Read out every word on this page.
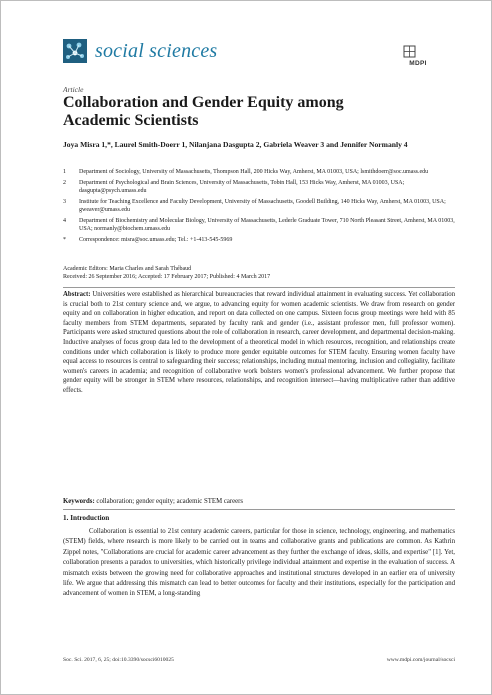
social sciences
MDPI
Article
Collaboration and Gender Equity among Academic Scientists
Joya Misra 1,*, Laurel Smith-Doerr 1, Nilanjana Dasgupta 2, Gabriela Weaver 3 and Jennifer Normanly 4
1	Department of Sociology, University of Massachusetts, Thompson Hall, 200 Hicks Way, Amherst, MA 01003, USA; lsmithdoerr@soc.umass.edu
2	Department of Psychological and Brain Sciences, University of Massachusetts, Tobin Hall, 153 Hicks Way, Amherst, MA 01003, USA; dasgupta@psych.umass.edu
3	Institute for Teaching Excellence and Faculty Development, University of Massachusetts, Goodell Building, 140 Hicks Way, Amherst, MA 01003, USA; gweaver@umass.edu
4	Department of Biochemistry and Molecular Biology, University of Massachusetts, Lederle Graduate Tower, 710 North Pleasant Street, Amherst, MA 01003, USA; normanly@biochem.umass.edu
*	Correspondence: misra@soc.umass.edu; Tel.: +1-413-545-5969
Academic Editors: Maria Charles and Sarah Thébaud
Received: 26 September 2016; Accepted: 17 February 2017; Published: 4 March 2017

Abstract: Universities were established as hierarchical bureaucracies that reward individual attainment in evaluating success. Yet collaboration is crucial both to 21st century science and, we argue, to advancing equity for women academic scientists. We draw from research on gender equity and on collaboration in higher education, and report on data collected on one campus. Sixteen focus group meetings were held with 85 faculty members from STEM departments, separated by faculty rank and gender (i.e., assistant professor men, full professor women). Participants were asked structured questions about the role of collaboration in research, career development, and departmental decision-making. Inductive analyses of focus group data led to the development of a theoretical model in which resources, recognition, and relationships create conditions under which collaboration is likely to produce more gender equitable outcomes for STEM faculty. Ensuring women faculty have equal access to resources is central to safeguarding their success; relationships, including mutual mentoring, inclusion and collegiality, facilitate women's careers in academia; and recognition of collaborative work bolsters women's professional advancement. We further propose that gender equity will be stronger in STEM where resources, relationships, and recognition intersect—having multiplicative rather than additive effects.

Keywords: collaboration; gender equity; academic STEM careers
1. Introduction

Collaboration is essential to 21st century academic careers, particular for those in science, technology, engineering, and mathematics (STEM) fields, where research is more likely to be carried out in teams and collaborative grants and publications are common. As Kathrin Zippel notes, "Collaborations are crucial for academic career advancement as they further the exchange of ideas, skills, and expertise" [1]. Yet, collaboration presents a paradox to universities, which historically privilege individual attainment and expertise in the evaluation of success. A mismatch exists between the growing need for collaborative approaches and institutional structures developed in an earlier era of university life. We argue that addressing this mismatch can lead to better outcomes for faculty and their institutions, especially for the participation and advancement of women in STEM, a long-standing

Soc. Sci. 2017, 6, 25; doi:10.3390/socsci6010025	www.mdpi.com/journal/socsci
